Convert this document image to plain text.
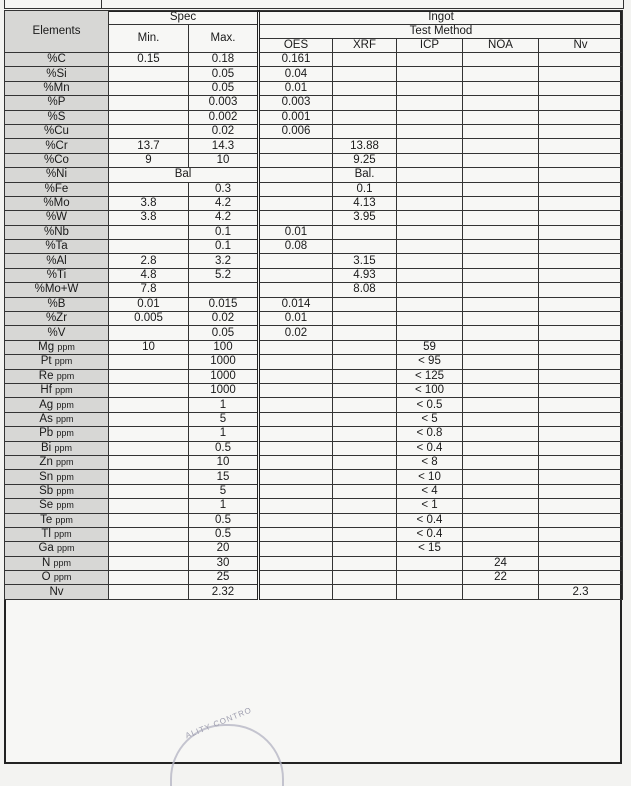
Elements	Spec		Ingot				
	Min.	Max.	Test Method				
			OES	XRF	ICP	NOA	Nv
%C	0.15	0.18	0.161				
%Si		0.05	0.04				
%Mn		0.05	0.01				
%P		0.003	0.003				
%S		0.002	0.001				
%Cu		0.02	0.006				
%Cr	13.7	14.3		13.88			
%Co	9	10		9.25			
%Ni	Bal			Bal.			
%Fe		0.3		0.1			
%Mo	3.8	4.2		4.13			
%W	3.8	4.2		3.95			
%Nb		0.1	0.01				
%Ta		0.1	0.08				
%Al	2.8	3.2		3.15			
%Ti	4.8	5.2		4.93			
%Mo+W	7.8			8.08			
%B	0.01	0.015	0.014				
%Zr	0.005	0.02	0.01				
%V		0.05	0.02				
Mg ppm	10	100			59		
Pt ppm		1000			< 95		
Re ppm		1000			< 125		
Hf ppm		1000			< 100		
Ag ppm		1			< 0.5		
As ppm		5			< 5		
Pb ppm		1			< 0.8		
Bi ppm		0.5			< 0.4		
Zn ppm		10			< 8		
Sn ppm		15			< 10		
Sb ppm		5			< 4		
Se ppm		1			< 1		
Te ppm		0.5			< 0.4		
Tl ppm		0.5			< 0.4		
Ga ppm		20			< 15		
N ppm		30				24	
O ppm		25				22	
Nv		2.32					2.3
ALITY CONTRO
